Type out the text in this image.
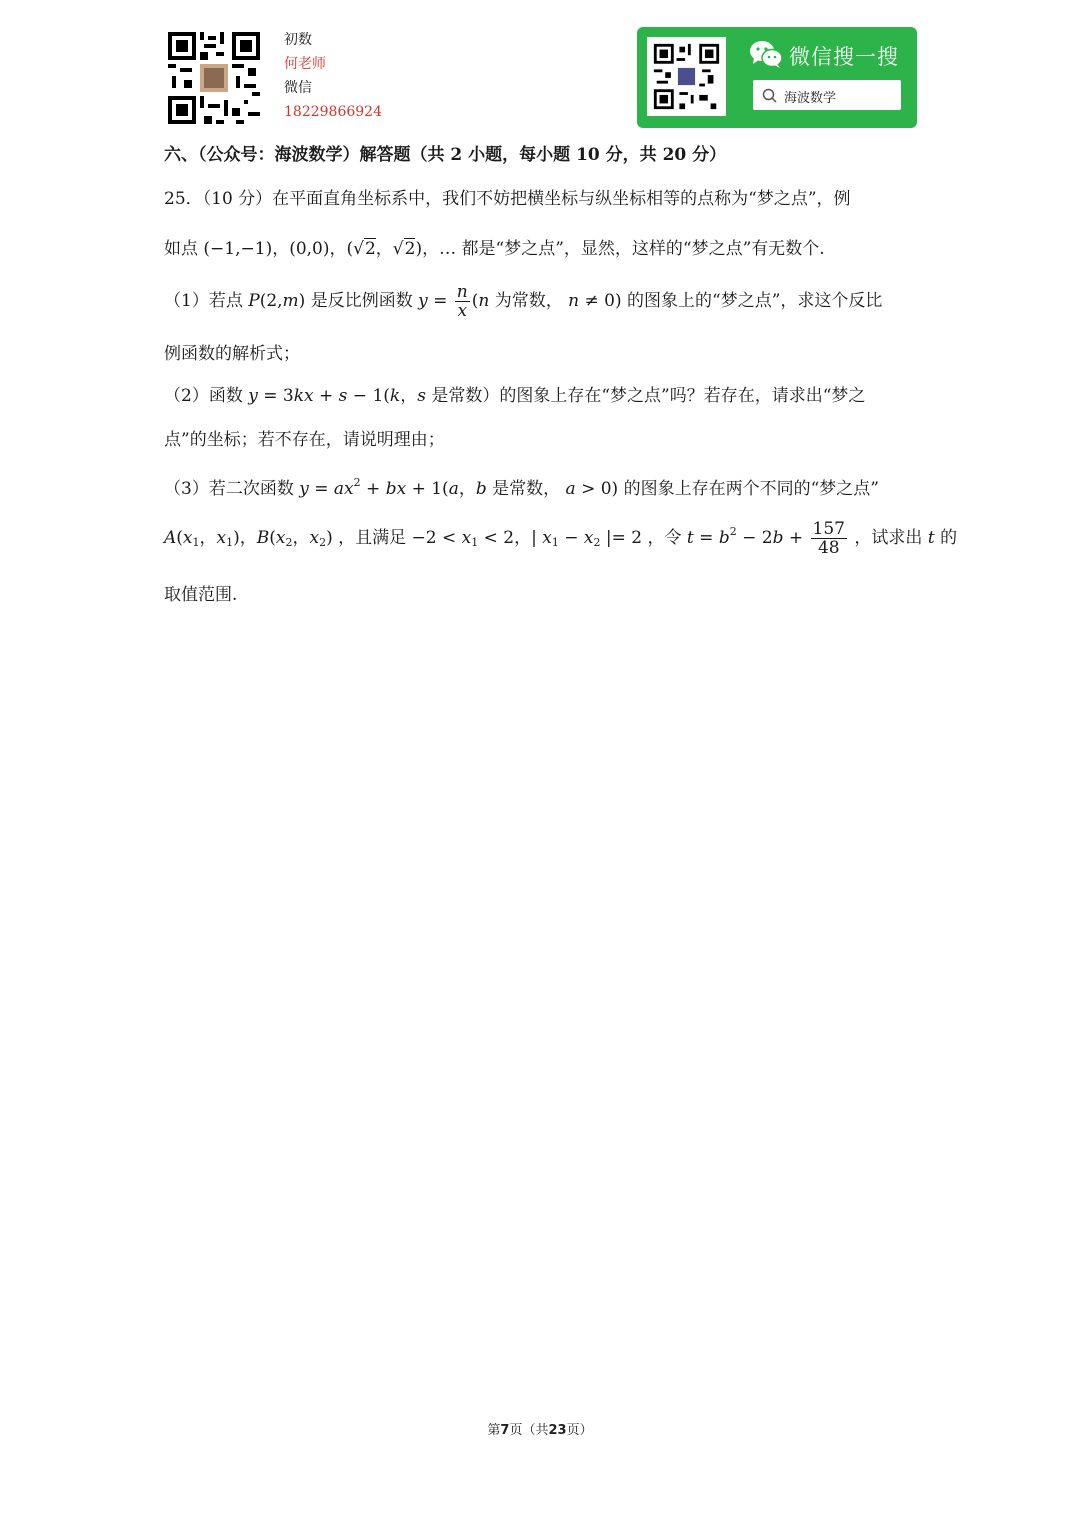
初数
何老师
微信
18229866924
微信搜一搜
海波数学
六、（公众号：海波数学）解答题（共 2 小题，每小题 10 分，共 20 分）
25．（10 分）在平面直角坐标系中，我们不妨把横坐标与纵坐标相等的点称为“梦之点”，例
如点 (−1,−1)，(0,0)，(√2，√2)，… 都是“梦之点”，显然，这样的“梦之点”有无数个.
（1）若点 P(2,m) 是反比例函数 $y = \frac{n}{x} (n$ 为常数， n ≠ 0) 的图象上的“梦之点”，求这个反比
例函数的解析式；
（2）函数 y = 3kx + s − 1(k，s 是常数）的图象上存在“梦之点”吗？若存在，请求出“梦之
点”的坐标；若不存在，请说明理由；
（3）若二次函数 $y = ax^2$ + bx + 1(a，b 是常数， a > 0) 的图象上存在两个不同的“梦之点”
$A(x_1$，$x_1$)，$B(x_2$，$x_2$) ，且满足 $-2 < x_1 < 2$，| $x_1 - x_2$ |= 2 ，令 $t = b^2 - 2b + \frac{157}{48}$ ，试求出 t 的
取值范围.
第7页（共23页）
